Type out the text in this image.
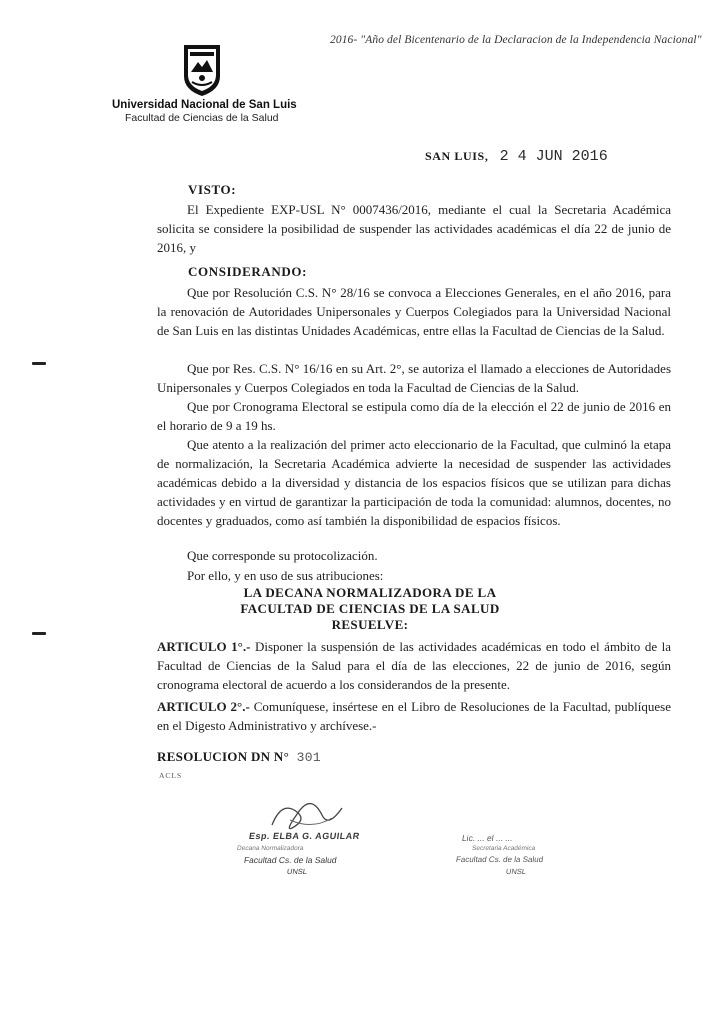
2016- "Año del Bicentenario de la Declaracion de la Independencia Nacional"
Universidad Nacional de San Luis
Facultad de Ciencias de la Salud
SAN LUIS, 2 4 JUN 2016
VISTO:
El Expediente EXP-USL N° 0007436/2016, mediante el cual la Secretaria Académica solicita se considere la posibilidad de suspender las actividades académicas el día 22 de junio de 2016, y
CONSIDERANDO:
Que por Resolución C.S. N° 28/16 se convoca a Elecciones Generales, en el año 2016, para la renovación de Autoridades Unipersonales y Cuerpos Colegiados para la Universidad Nacional de San Luis en las distintas Unidades Académicas, entre ellas la Facultad de Ciencias de la Salud.
Que por Res. C.S. N° 16/16 en su Art. 2°, se autoriza el llamado a elecciones de Autoridades Unipersonales y Cuerpos Colegiados en toda la Facultad de Ciencias de la Salud.
Que por Cronograma Electoral se estipula como día de la elección el 22 de junio de 2016 en el horario de 9 a 19 hs.
Que atento a la realización del primer acto eleccionario de la Facultad, que culminó la etapa de normalización, la Secretaria Académica advierte la necesidad de suspender las actividades académicas debido a la diversidad y distancia de los espacios físicos que se utilizan para dichas actividades y en virtud de garantizar la participación de toda la comunidad: alumnos, docentes, no docentes y graduados, como así también la disponibilidad de espacios físicos.
Que corresponde su protocolización.
Por ello, y en uso de sus atribuciones:
LA DECANA NORMALIZADORA DE LA
FACULTAD DE CIENCIAS DE LA SALUD
RESUELVE:
ARTICULO 1°.- Disponer la suspensión de las actividades académicas en todo el ámbito de la Facultad de Ciencias de la Salud para el día de las elecciones, 22 de junio de 2016, según cronograma electoral de acuerdo a los considerandos de la presente.
ARTICULO 2°.- Comuníquese, insértese en el Libro de Resoluciones de la Facultad, publíquese en el Digesto Administrativo y archívese.-
RESOLUCION DN N° 301
ACLS
Esp. ELBA G. AGUILAR
Decana Normalizadora
Facultad Cs. de la Salud
UNSL
Lic. ... el ... ...
Secretaria Académica
Facultad Cs. de la Salud
UNSL
